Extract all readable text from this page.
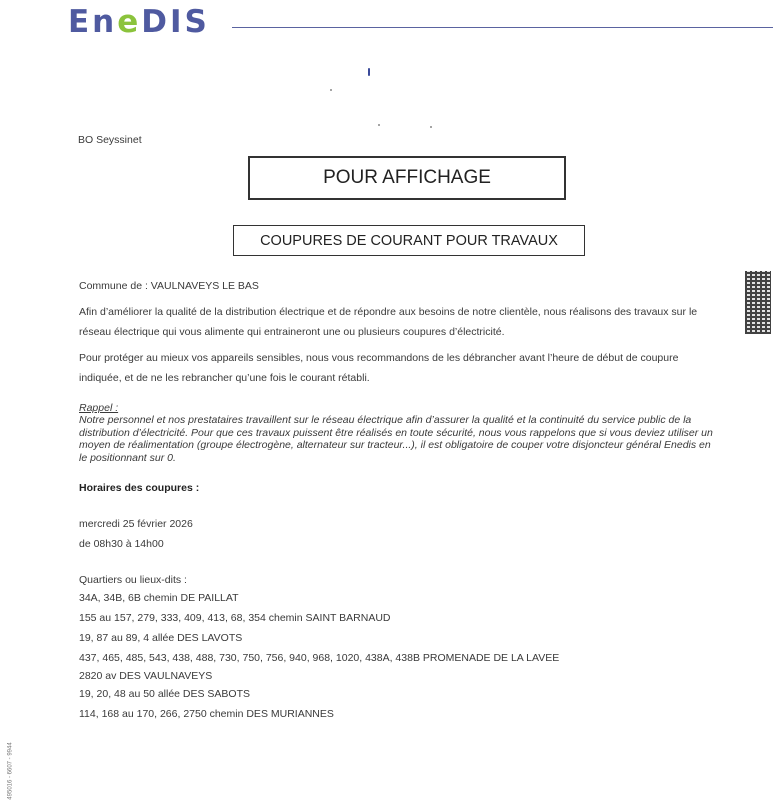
EneDIS
BO Seyssinet
POUR AFFICHAGE
COUPURES DE COURANT POUR TRAVAUX
Commune de : VAULNAVEYS LE BAS
Afin d’améliorer la qualité de la distribution électrique et de répondre aux besoins de notre clientèle, nous réalisons des travaux sur le réseau électrique qui vous alimente qui entraineront une ou plusieurs coupures d’électricité.
Pour protéger au mieux vos appareils sensibles, nous vous recommandons de les débrancher avant l’heure de début de coupure indiquée, et de ne les rebrancher qu’une fois le courant rétabli.
Rappel :
Notre personnel et nos prestataires travaillent sur le réseau électrique afin d’assurer la qualité et la continuité du service public de la distribution d’électricité. Pour que ces travaux puissent être réalisés en toute sécurité, nous vous rappelons que si vous deviez utiliser un moyen de réalimentation (groupe électrogène, alternateur sur tracteur...), il est obligatoire de couper votre disjoncteur général Enedis en le positionnant sur 0.
Horaires des coupures :
mercredi 25 février 2026
de 08h30 à 14h00
Quartiers ou lieux-dits :
34A, 34B, 6B chemin DE PAILLAT
155 au 157, 279, 333, 409, 413, 68, 354 chemin SAINT BARNAUD
19, 87 au 89, 4 allée DES LAVOTS
437, 465, 485, 543, 438, 488, 730, 750, 756, 940, 968, 1020, 438A, 438B PROMENADE DE LA LAVEE
2820 av DES VAULNAVEYS
19, 20, 48 au 50 allée DES SABOTS
114, 168 au 170, 266, 2750 chemin DES MURIANNES
495016 - 6607 - 9944
